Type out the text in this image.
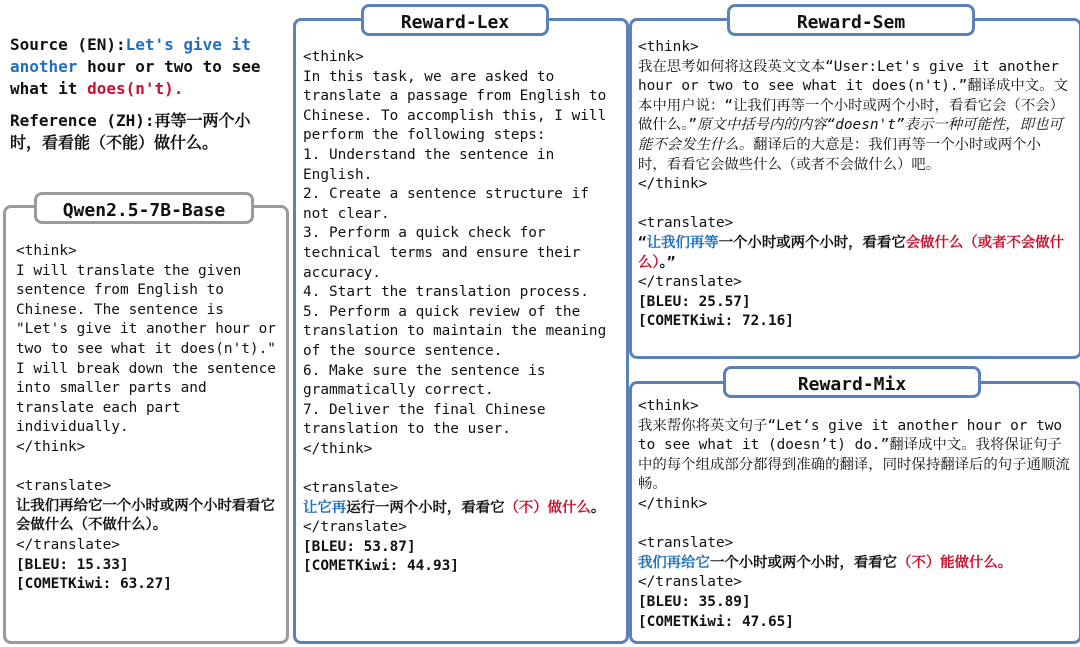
Source (EN):Let's give it another hour or two to see what it does(n't).
Reference (ZH):再等一两个小时，看看能（不能）做什么。
Qwen2.5-7B-Base
Reward-Lex	Reward-Sem
Reward-Mix
<think>
I will translate the given sentence from English to Chinese. The sentence is "Let's give it another hour or two to see what it does(n't)." I will break down the sentence into smaller parts and translate each part individually.
</think>
<translate>
让我们再给它一个小时或两个小时看看它会做什么（不做什么）。
</translate>
[BLEU: 15.33]
[COMETKiwi: 63.27]
<think>
In this task, we are asked to translate a passage from English to Chinese. To accomplish this, I will perform the following steps:
1. Understand the sentence in English.
2. Create a sentence structure if not clear.
3. Perform a quick check for technical terms and ensure their accuracy.
4. Start the translation process.
5. Perform a quick review of the translation to maintain the meaning of the source sentence.
6. Make sure the sentence is grammatically correct.
7. Deliver the final Chinese translation to the user.
</think>
<translate>
让它再运行一两个小时，看看它（不）做什么。
</translate>
[BLEU: 53.87]
[COMETKiwi: 44.93]
<think>
我在思考如何将这段英文文本“User:Let's give it another hour or two to see what it does(n't).”翻译成中文。文本中用户说：“让我们再等一个小时或两个小时，看看它会（不会）做什么。”原文中括号内的内容“doesn't”表示一种可能性，即也可能不会发生什么。翻译后的大意是：我们再等一个小时或两个小时，看看它会做些什么（或者不会做什么）吧。
</think>
<translate>
“让我们再等一个小时或两个小时，看看它会做什么（或者不会做什么）。”
</translate>
[BLEU: 25.57]
[COMETKiwi: 72.16]
<think>
我来帮你将英文句子“Let‘s give it another hour or two to see what it (doesn’t) do.”翻译成中文。我将保证句子中的每个组成部分都得到准确的翻译，同时保持翻译后的句子通顺流畅。
</think>
<translate>
我们再给它一个小时或两个小时，看看它（不）能做什么。
</translate>
[BLEU: 35.89]
[COMETKiwi: 47.65]
